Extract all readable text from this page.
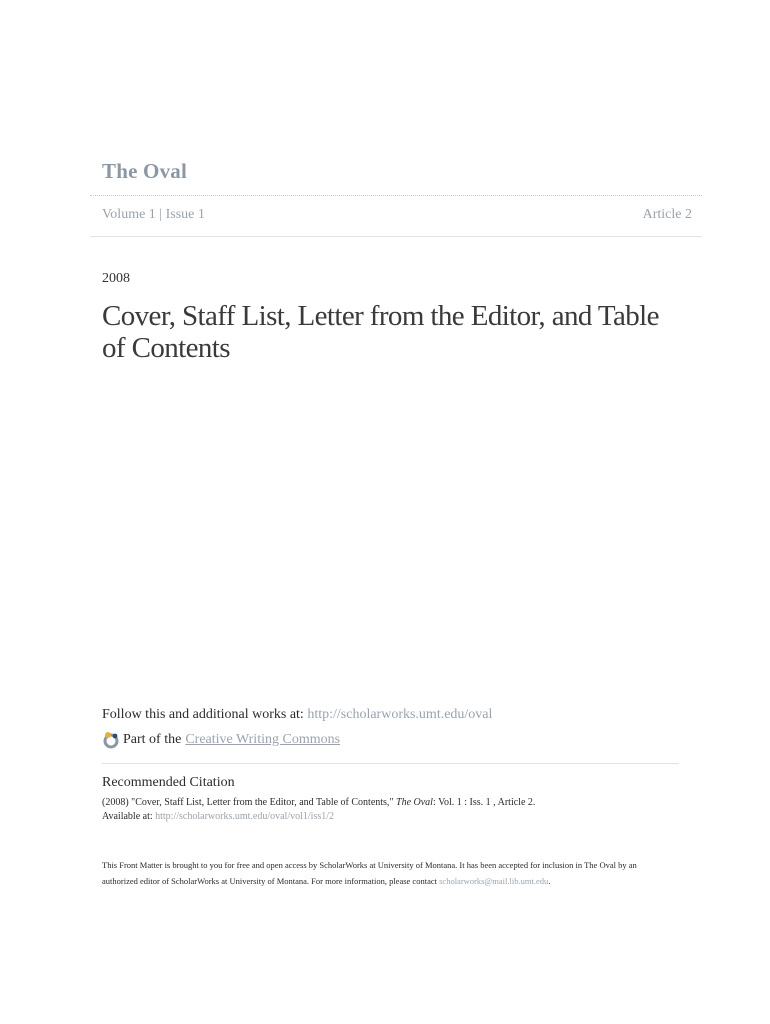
The Oval
Volume 1 | Issue 1	Article 2
2008
Cover, Staff List, Letter from the Editor, and Table of Contents
Follow this and additional works at: http://scholarworks.umt.edu/oval
Part of the Creative Writing Commons
Recommended Citation
(2008) "Cover, Staff List, Letter from the Editor, and Table of Contents," The Oval: Vol. 1 : Iss. 1 , Article 2.
Available at: http://scholarworks.umt.edu/oval/vol1/iss1/2
This Front Matter is brought to you for free and open access by ScholarWorks at University of Montana. It has been accepted for inclusion in The Oval by an authorized editor of ScholarWorks at University of Montana. For more information, please contact scholarworks@mail.lib.umt.edu.
